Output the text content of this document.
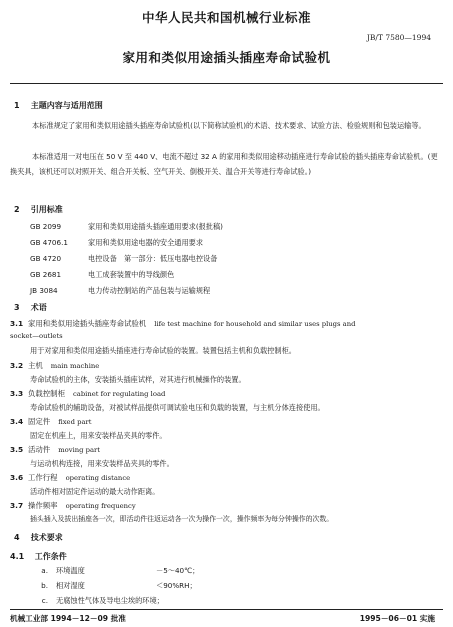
中华人民共和国机械行业标准
JB/T 7580—1994
家用和类似用途插头插座寿命试验机
1 主题内容与适用范围
本标准规定了家用和类似用途插头插座寿命试验机(以下简称试验机)的术语、技术要求、试验方法、检验规则和包装运输等。
本标准适用一对电压在 50 V 至 440 V、电流不超过 32 A 的家用和类似用途移动插座进行寿命试验的插头插座寿命试验机。(更换夹具，该机还可以对照开关、组合开关板、空气开关、倒极开关、温合开关等进行寿命试验。)
2 引用标准
GB 2099	家用和类似用途插头插座通用要求(报批稿)
GB 4706.1	家用和类似用途电器的安全通用要求
GB 4720	电控设备　第一部分：低压电器电控设备
GB 2681	电工成套装置中的导线颜色
JB 3084	电力传动控制站的产品包装与运输规程
3 术语
3.1 家用和类似用途插头插座寿命试验机 life test machine for household and similar uses plugs and
socket—outlets
用于对家用和类似用途插头插座进行寿命试验的装置。装置包括主机和负载控制柜。
3.2 主机 main machine
寿命试验机的主体，安装插头插座试样，对其进行机械操作的装置。
3.3 负载控制柜 cabinet for regulating load
寿命试验机的辅助设备，对被试样品提供可调试验电压和负载的装置，与主机分体连接使用。
3.4 固定件 fixed part
固定在机座上，用来安装样品夹具的零件。
3.5 活动件 moving part
与运动机构连接，用来安装样品夹具的零件。
3.6 工作行程 operating distance
活动件相对固定件运动的最大动作距离。
3.7 操作频率 operating frequency
插头插入及拔出插座各一次，即活动件往返运动各一次为操作一次，操作频率为每分钟操作的次数。
4 技术要求
4.1 工作条件
a. 环境温度	－5～40℃；
b. 相对湿度	＜90%RH；
c. 无腐蚀性气体及导电尘埃的环境；
机械工业部 1994－12－09 批准	1995－06－01 实施
